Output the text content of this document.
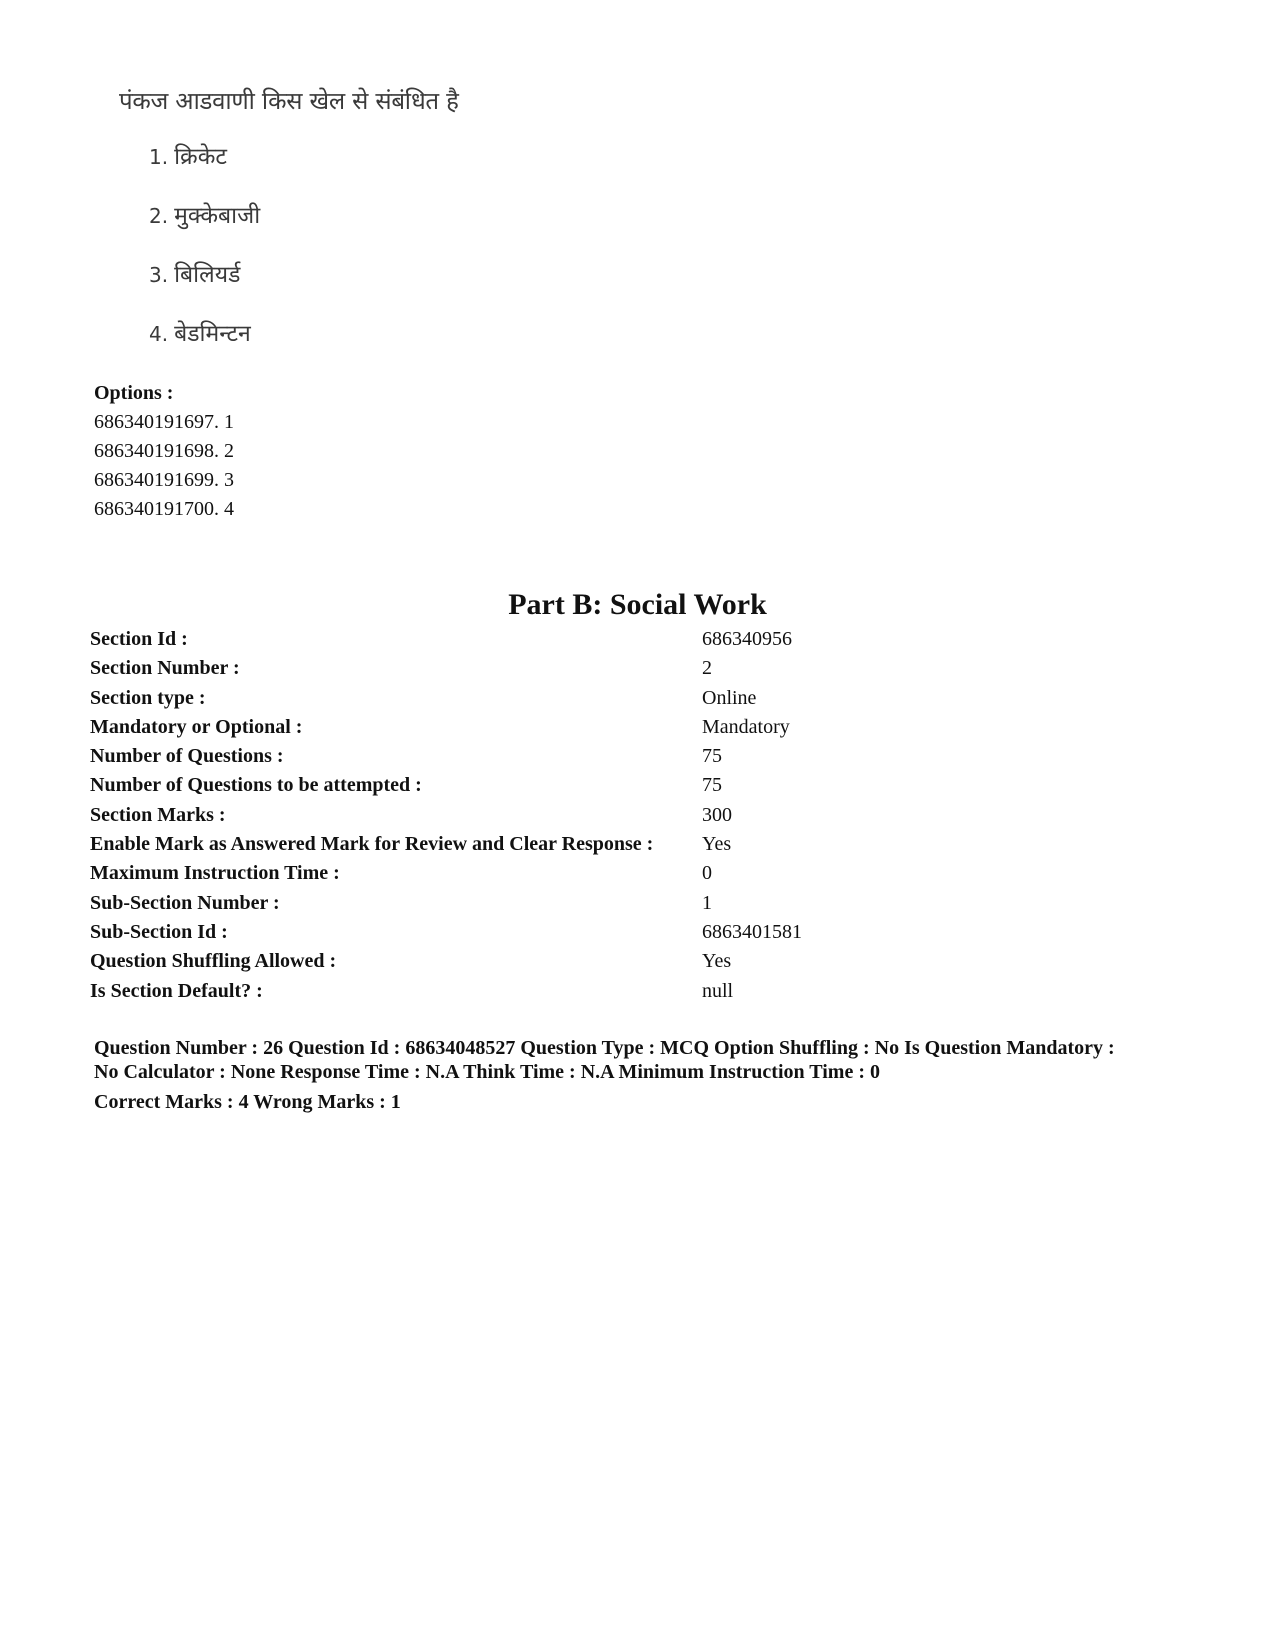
पंकज आडवाणी किस खेल से संबंधित है
1. क्रिकेट
2. मुक्केबाजी
3. बिलियर्ड
4. बेडमिन्टन
Options :
686340191697. 1
686340191698. 2
686340191699. 3
686340191700. 4
Part B: Social Work
Section Id :	686340956
Section Number :	2
Section type :	Online
Mandatory or Optional :	Mandatory
Number of Questions :	75
Number of Questions to be attempted :	75
Section Marks :	300
Enable Mark as Answered Mark for Review and Clear Response :	Yes
Maximum Instruction Time :	0
Sub-Section Number :	1
Sub-Section Id :	6863401581
Question Shuffling Allowed :	Yes
Is Section Default? :	null
Question Number : 26 Question Id : 68634048527 Question Type : MCQ Option Shuffling : No Is Question Mandatory :
No Calculator : None Response Time : N.A Think Time : N.A Minimum Instruction Time : 0
Correct Marks : 4 Wrong Marks : 1
